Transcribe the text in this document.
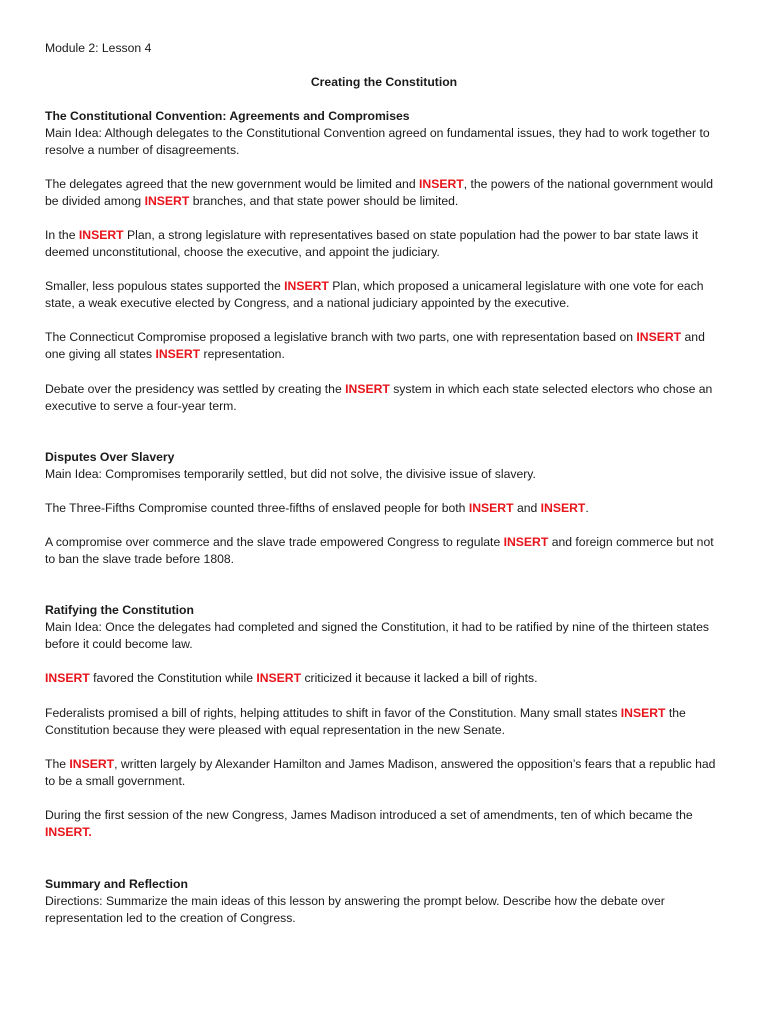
Module 2: Lesson 4

Creating the Constitution

The Constitutional Convention: Agreements and Compromises

Main Idea: Although delegates to the Constitutional Convention agreed on fundamental issues, they had to work together to resolve a number of disagreements.

The delegates agreed that the new government would be limited and INSERT, the powers of the national government would be divided among INSERT branches, and that state power should be limited.

In the INSERT Plan, a strong legislature with representatives based on state population had the power to bar state laws it deemed unconstitutional, choose the executive, and appoint the judiciary.

Smaller, less populous states supported the INSERT Plan, which proposed a unicameral legislature with one vote for each state, a weak executive elected by Congress, and a national judiciary appointed by the executive.

The Connecticut Compromise proposed a legislative branch with two parts, one with representation based on INSERT and one giving all states INSERT representation.

Debate over the presidency was settled by creating the INSERT system in which each state selected electors who chose an executive to serve a four-year term.

Disputes Over Slavery

Main Idea: Compromises temporarily settled, but did not solve, the divisive issue of slavery.

The Three-Fifths Compromise counted three-fifths of enslaved people for both INSERT and INSERT.

A compromise over commerce and the slave trade empowered Congress to regulate INSERT and foreign commerce but not to ban the slave trade before 1808.

Ratifying the Constitution

Main Idea: Once the delegates had completed and signed the Constitution, it had to be ratified by nine of the thirteen states before it could become law.

INSERT favored the Constitution while INSERT criticized it because it lacked a bill of rights.

Federalists promised a bill of rights, helping attitudes to shift in favor of the Constitution. Many small states INSERT the Constitution because they were pleased with equal representation in the new Senate.

The INSERT, written largely by Alexander Hamilton and James Madison, answered the opposition’s fears that a republic had to be a small government.

During the first session of the new Congress, James Madison introduced a set of amendments, ten of which became the INSERT.

Summary and Reflection

Directions: Summarize the main ideas of this lesson by answering the prompt below. Describe how the debate over representation led to the creation of Congress.
